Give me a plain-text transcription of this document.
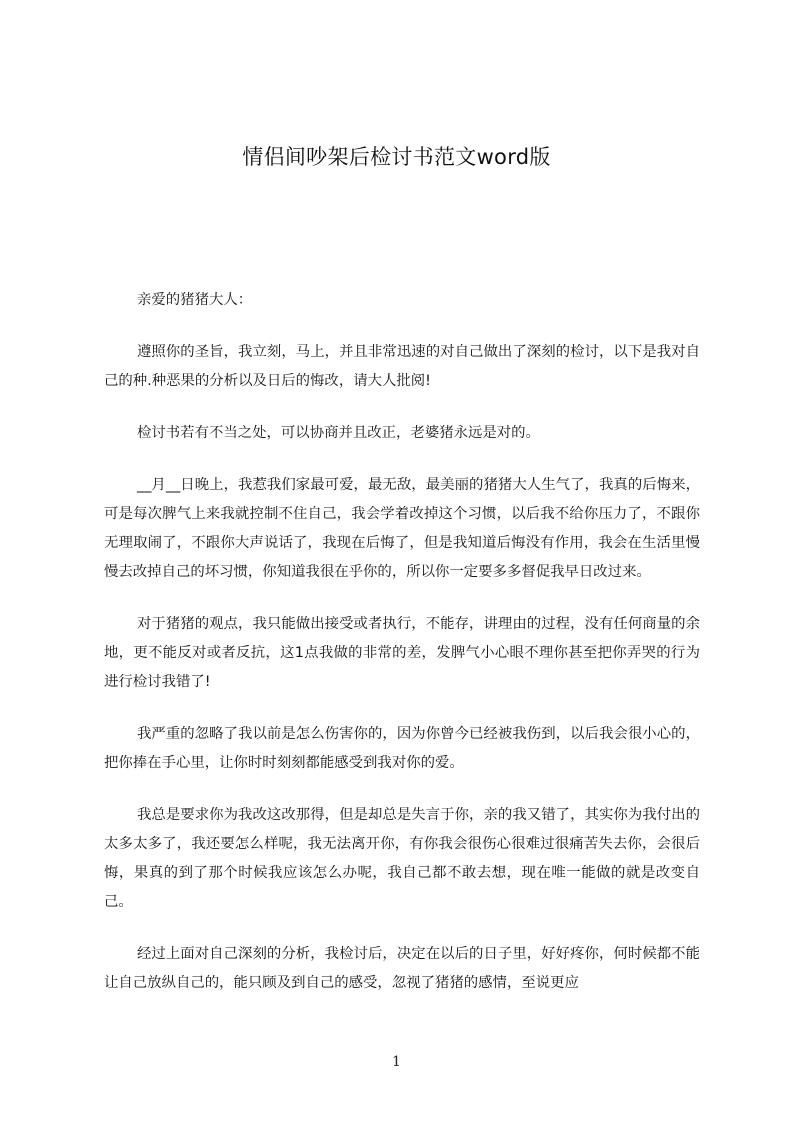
情侣间吵架后检讨书范文word版

亲爱的猪猪大人：

遵照你的圣旨，我立刻，马上，并且非常迅速的对自己做出了深刻的检讨，以下是我对自己的种.种恶果的分析以及日后的悔改，请大人批阅!

检讨书若有不当之处，可以协商并且改正，老婆猪永远是对的。

__月__日晚上，我惹我们家最可爱，最无敌，最美丽的猪猪大人生气了，我真的后悔来，可是每次脾气上来我就控制不住自己，我会学着改掉这个习惯，以后我不给你压力了，不跟你无理取闹了，不跟你大声说话了，我现在后悔了，但是我知道后悔没有作用，我会在生活里慢慢去改掉自己的坏习惯，你知道我很在乎你的，所以你一定要多多督促我早日改过来。

对于猪猪的观点，我只能做出接受或者执行，不能存，讲理由的过程，没有任何商量的余地，更不能反对或者反抗，这1点我做的非常的差，发脾气小心眼不理你甚至把你弄哭的行为进行检讨我错了!

我严重的忽略了我以前是怎么伤害你的，因为你曾今已经被我伤到，以后我会很小心的，把你捧在手心里，让你时时刻刻都能感受到我对你的爱。

我总是要求你为我改这改那得，但是却总是失言于你，亲的我又错了，其实你为我付出的太多太多了，我还要怎么样呢，我无法离开你，有你我会很伤心很难过很痛苦失去你，会很后悔，果真的到了那个时候我应该怎么办呢，我自己都不敢去想，现在唯一能做的就是改变自己。

经过上面对自己深刻的分析，我检讨后，决定在以后的日子里，好好疼你，何时候都不能让自己放纵自己的，能只顾及到自己的感受，忽视了猪猪的感情，至说更应

1
